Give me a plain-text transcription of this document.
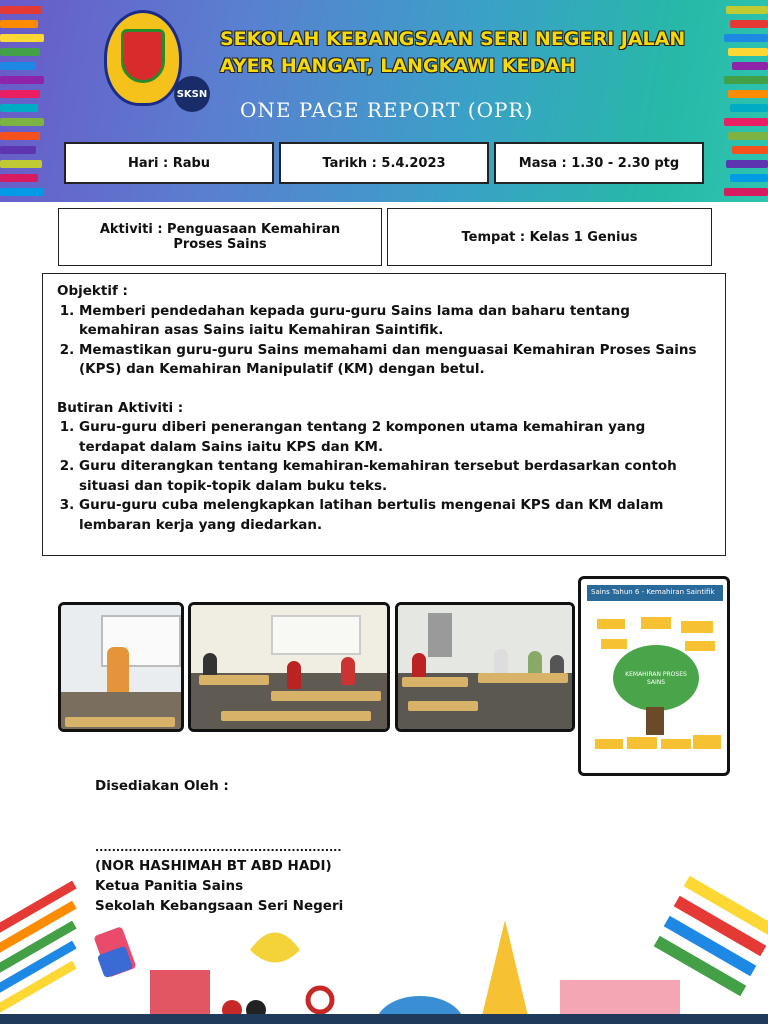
SKSN
SEKOLAH KEBANGSAAN SERI NEGERI JALAN
AYER HANGAT, LANGKAWI KEDAH
ONE PAGE REPORT (OPR)
Hari : Rabu	Tarikh : 5.4.2023	Masa : 1.30 - 2.30 ptg
Aktiviti : Penguasaan Kemahiran Proses Sains	Tempat : Kelas 1 Genius
Objektif :
1. Memberi pendedahan kepada guru-guru Sains lama dan baharu tentang kemahiran asas Sains iaitu Kemahiran Saintifik.
2. Memastikan guru-guru Sains memahami dan menguasai Kemahiran Proses Sains (KPS) dan Kemahiran Manipulatif (KM) dengan betul.
Butiran Aktiviti :
1. Guru-guru diberi penerangan tentang 2 komponen utama kemahiran yang terdapat dalam Sains iaitu KPS dan KM.
2. Guru diterangkan tentang kemahiran-kemahiran tersebut berdasarkan contoh situasi dan topik-topik dalam buku teks.
3. Guru-guru cuba melengkapkan latihan bertulis mengenai KPS dan KM dalam lembaran kerja yang diedarkan.
Sains Tahun 6 - Kemahiran Saintifik
KEMAHIRAN PROSES SAINS
Disediakan Oleh :
...........................................................
(NOR HASHIMAH BT ABD HADI)
Ketua Panitia Sains
Sekolah Kebangsaan Seri Negeri
